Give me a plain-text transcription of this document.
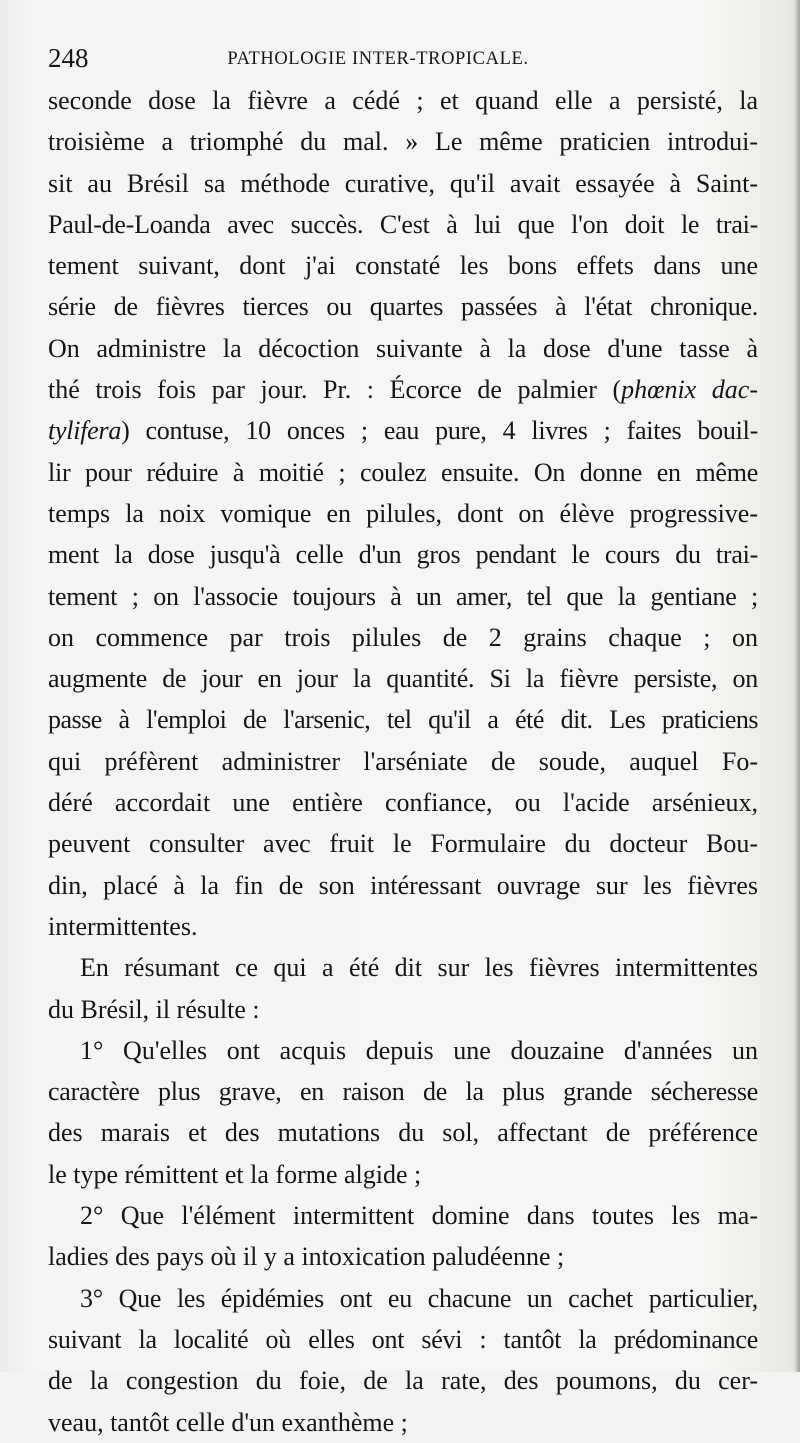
248	PATHOLOGIE INTER-TROPICALE.
seconde dose la fièvre a cédé ; et quand elle a persisté, la
troisième a triomphé du mal. » Le même praticien introdui-
sit au Brésil sa méthode curative, qu'il avait essayée à Saint-
Paul-de-Loanda avec succès. C'est à lui que l'on doit le trai-
tement suivant, dont j'ai constaté les bons effets dans une
série de fièvres tierces ou quartes passées à l'état chronique.
On administre la décoction suivante à la dose d'une tasse à
thé trois fois par jour. Pr. : Écorce de palmier (phœnix dac-
tylifera) contuse, 10 onces ; eau pure, 4 livres ; faites bouil-
lir pour réduire à moitié ; coulez ensuite. On donne en même
temps la noix vomique en pilules, dont on élève progressive-
ment la dose jusqu'à celle d'un gros pendant le cours du trai-
tement ; on l'associe toujours à un amer, tel que la gentiane ;
on commence par trois pilules de 2 grains chaque ; on
augmente de jour en jour la quantité. Si la fièvre persiste, on
passe à l'emploi de l'arsenic, tel qu'il a été dit. Les praticiens
qui préfèrent administrer l'arséniate de soude, auquel Fo-
déré accordait une entière confiance, ou l'acide arsénieux,
peuvent consulter avec fruit le Formulaire du docteur Bou-
din, placé à la fin de son intéressant ouvrage sur les fièvres
intermittentes.
En résumant ce qui a été dit sur les fièvres intermittentes
du Brésil, il résulte :
1° Qu'elles ont acquis depuis une douzaine d'années un
caractère plus grave, en raison de la plus grande sécheresse
des marais et des mutations du sol, affectant de préférence
le type rémittent et la forme algide ;
2° Que l'élément intermittent domine dans toutes les ma-
ladies des pays où il y a intoxication paludéenne ;
3° Que les épidémies ont eu chacune un cachet particulier,
suivant la localité où elles ont sévi : tantôt la prédominance
de la congestion du foie, de la rate, des poumons, du cer-
veau, tantôt celle d'un exanthème ;
